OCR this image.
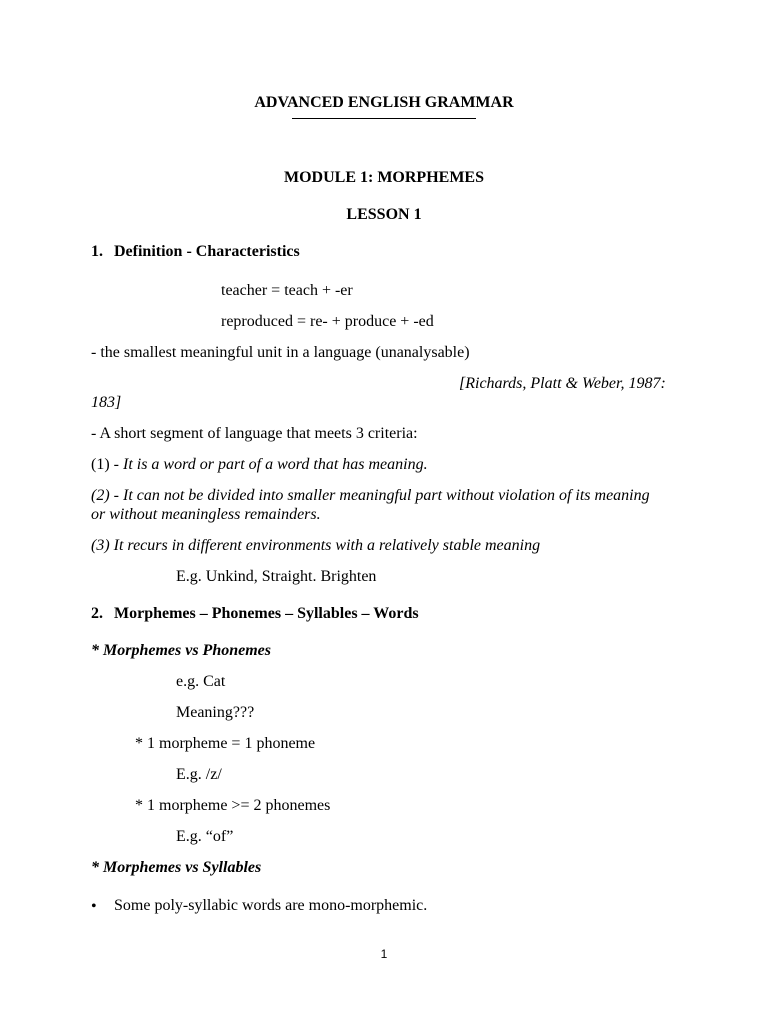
ADVANCED ENGLISH GRAMMAR
MODULE 1: MORPHEMES
LESSON 1
1. Definition - Characteristics
teacher = teach + -er
reproduced = re- + produce + -ed
- the smallest meaningful unit in a language (unanalysable)
[Richards, Platt & Weber, 1987:
183]
- A short segment of language that meets 3 criteria:
(1) - It is a word or part of a word that has meaning.
(2) - It can not be divided into smaller meaningful part without violation of its meaning
or without meaningless remainders.
(3) It recurs in different environments with a relatively stable meaning
E.g. Unkind, Straight. Brighten
2. Morphemes – Phonemes – Syllables – Words
* Morphemes vs Phonemes
e.g. Cat
Meaning???
* 1 morpheme = 1 phoneme
E.g. /z/
* 1 morpheme >= 2 phonemes
E.g. “of”
* Morphemes vs Syllables
• Some poly-syllabic words are mono-morphemic.
1
